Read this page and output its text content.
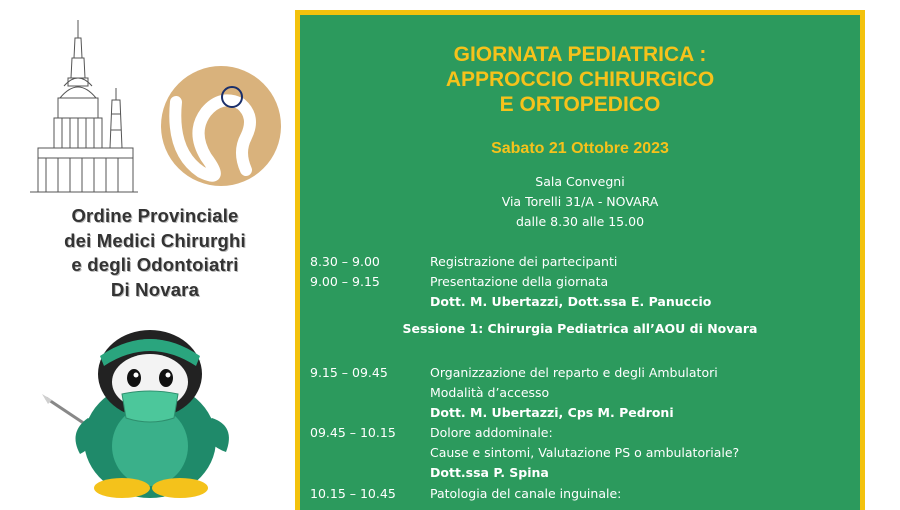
Ordine Provinciale
dei Medici Chirurghi
e degli Odontoiatri
Di Novara
GIORNATA PEDIATRICA :
APPROCCIO CHIRURGICO
E ORTOPEDICO
Sabato 21 Ottobre 2023
Sala Convegni
Via Torelli 31/A - NOVARA
dalle 8.30 alle 15.00
8.30 – 9.00	Registrazione dei partecipanti
9.00 – 9.15	Presentazione della giornata
Dott. M. Ubertazzi, Dott.ssa E. Panuccio
Sessione 1: Chirurgia Pediatrica all’AOU di Novara
9.15 – 09.45	Organizzazione del reparto e degli Ambulatori
Modalità d’accesso
Dott. M. Ubertazzi, Cps M. Pedroni
09.45 – 10.15	Dolore addominale:
Cause e sintomi, Valutazione PS o ambulatoriale?
Dott.ssa P. Spina
10.15 – 10.45	Patologia del canale inguinale:
